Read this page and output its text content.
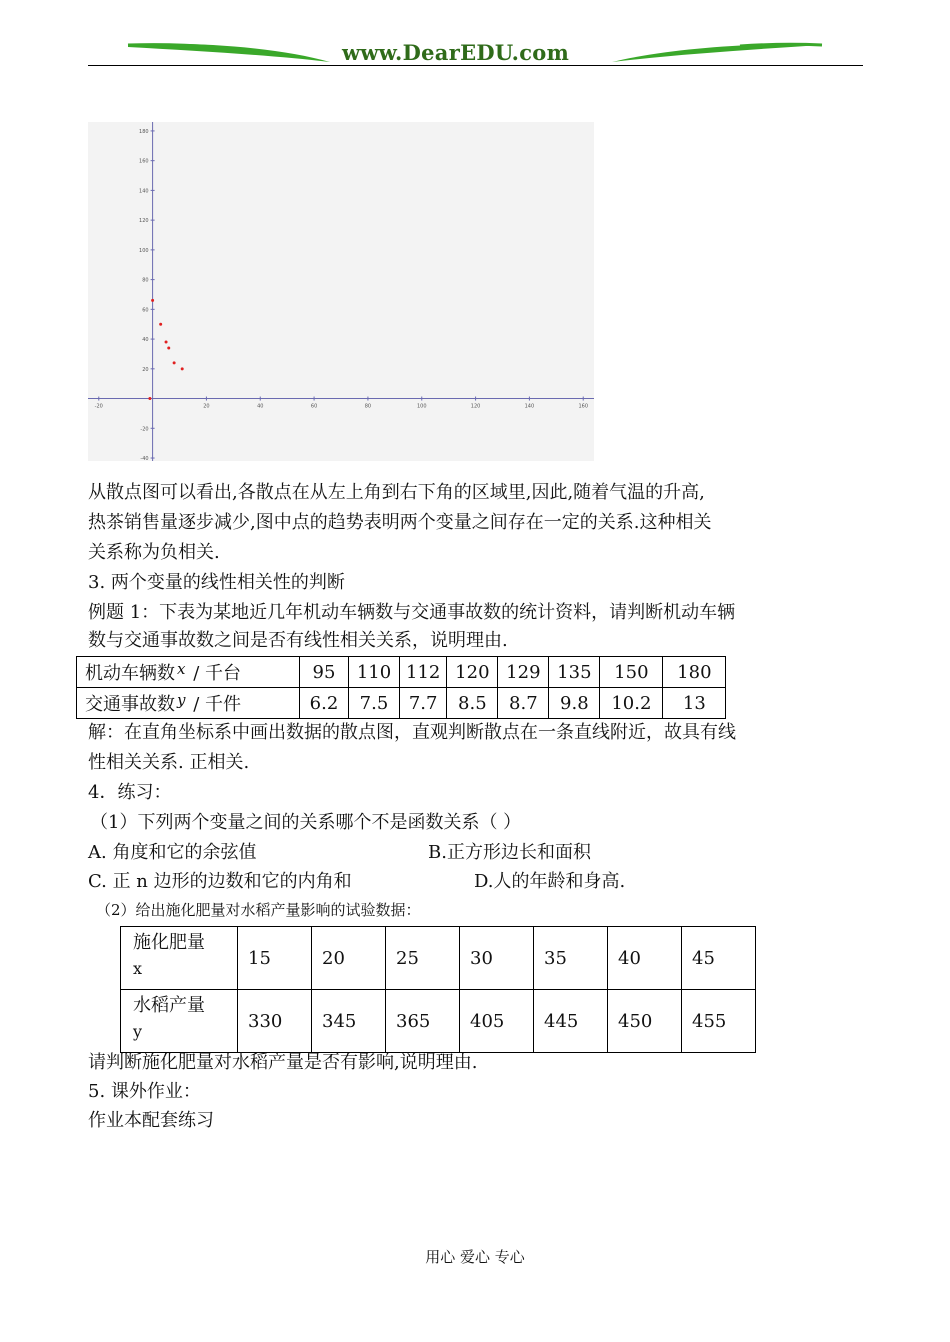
www.DearEDU.com
-20	20	40	60	80	100	120	140	160
180
160
140
120
100
80
60
40
20
-20
-40
从散点图可以看出,各散点在从左上角到右下角的区域里,因此,随着气温的升高,
热茶销售量逐步减少,图中点的趋势表明两个变量之间存在一定的关系.这种相关
关系称为负相关.
3. 两个变量的线性相关性的判断
例题 1：下表为某地近几年机动车辆数与交通事故数的统计资料，请判断机动车辆
数与交通事故数之间是否有线性相关关系，说明理由.
机动车辆数 $^x$ / 千台	95	110	112	120	129	135	150	180
交通事故数 $^y$ / 千件	6.2	7.5	7.7	8.5	8.7	9.8	10.2	13
解：在直角坐标系中画出数据的散点图，直观判断散点在一条直线附近，故具有线
性相关关系. 正相关.
4．练习：
（1）下列两个变量之间的关系哪个不是函数关系（ ）
A. 角度和它的余弦值	B.正方形边长和面积
C. 正 n 边形的边数和它的内角和	D.人的年龄和身高.
（2）给出施化肥量对水稻产量影响的试验数据：
施化肥量
x	15	20	25	30	35	40	45

水稻产量
y	330	345	365	405	445	450	455
请判断施化肥量对水稻产量是否有影响,说明理由.
5. 课外作业：
作业本配套练习
用心 爱心 专心
